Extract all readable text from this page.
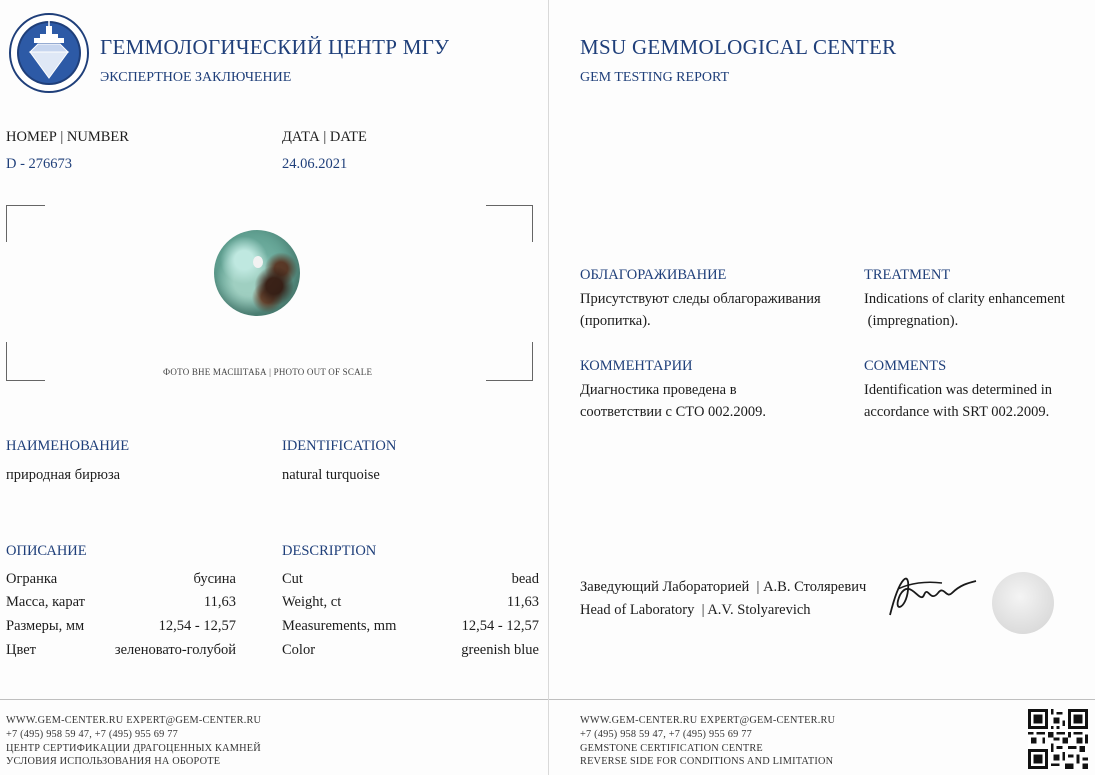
ГЕММОЛОГИЧЕСКИЙ ЦЕНТР МГУ
ЭКСПЕРТНОЕ ЗАКЛЮЧЕНИЕ
MSU GEMMOLOGICAL CENTER
GEM TESTING REPORT
НОМЕР | NUMBER
D - 276673
ДАТА | DATE
24.06.2021
ФОТО ВНЕ МАСШТАБА | PHOTO OUT OF SCALE
НАИМЕНОВАНИЕ
природная бирюза
IDENTIFICATION
natural turquoise
ОПИСАНИЕ	DESCRIPTION
Огранка	бусина
Масса, карат	11,63
Размеры, мм	12,54 - 12,57
Цвет	зеленовато-голубой
Cut	bead
Weight, ct	11,63
Measurements, mm	12,54 - 12,57
Color	greenish blue
ОБЛАГОРАЖИВАНИЕ
Присутствуют следы облагораживания
(пропитка).
TREATMENT
Indications of clarity enhancement
(impregnation).
КОММЕНТАРИИ
Диагностика проведена в
соответствии с СТО 002.2009.
COMMENTS
Identification was determined in
accordance with SRT 002.2009.
Заведующий Лабораторией  | А.В. Столяревич
Head of Laboratory  | A.V. Stolyarevich
WWW.GEM-CENTER.RU EXPERT@GEM-CENTER.RU
+7 (495) 958 59 47, +7 (495) 955 69 77
ЦЕНТР СЕРТИФИКАЦИИ ДРАГОЦЕННЫХ КАМНЕЙ
УСЛОВИЯ ИСПОЛЬЗОВАНИЯ НА ОБОРОТЕ
WWW.GEM-CENTER.RU EXPERT@GEM-CENTER.RU
+7 (495) 958 59 47, +7 (495) 955 69 77
GEMSTONE CERTIFICATION CENTRE
REVERSE SIDE FOR CONDITIONS AND LIMITATION
